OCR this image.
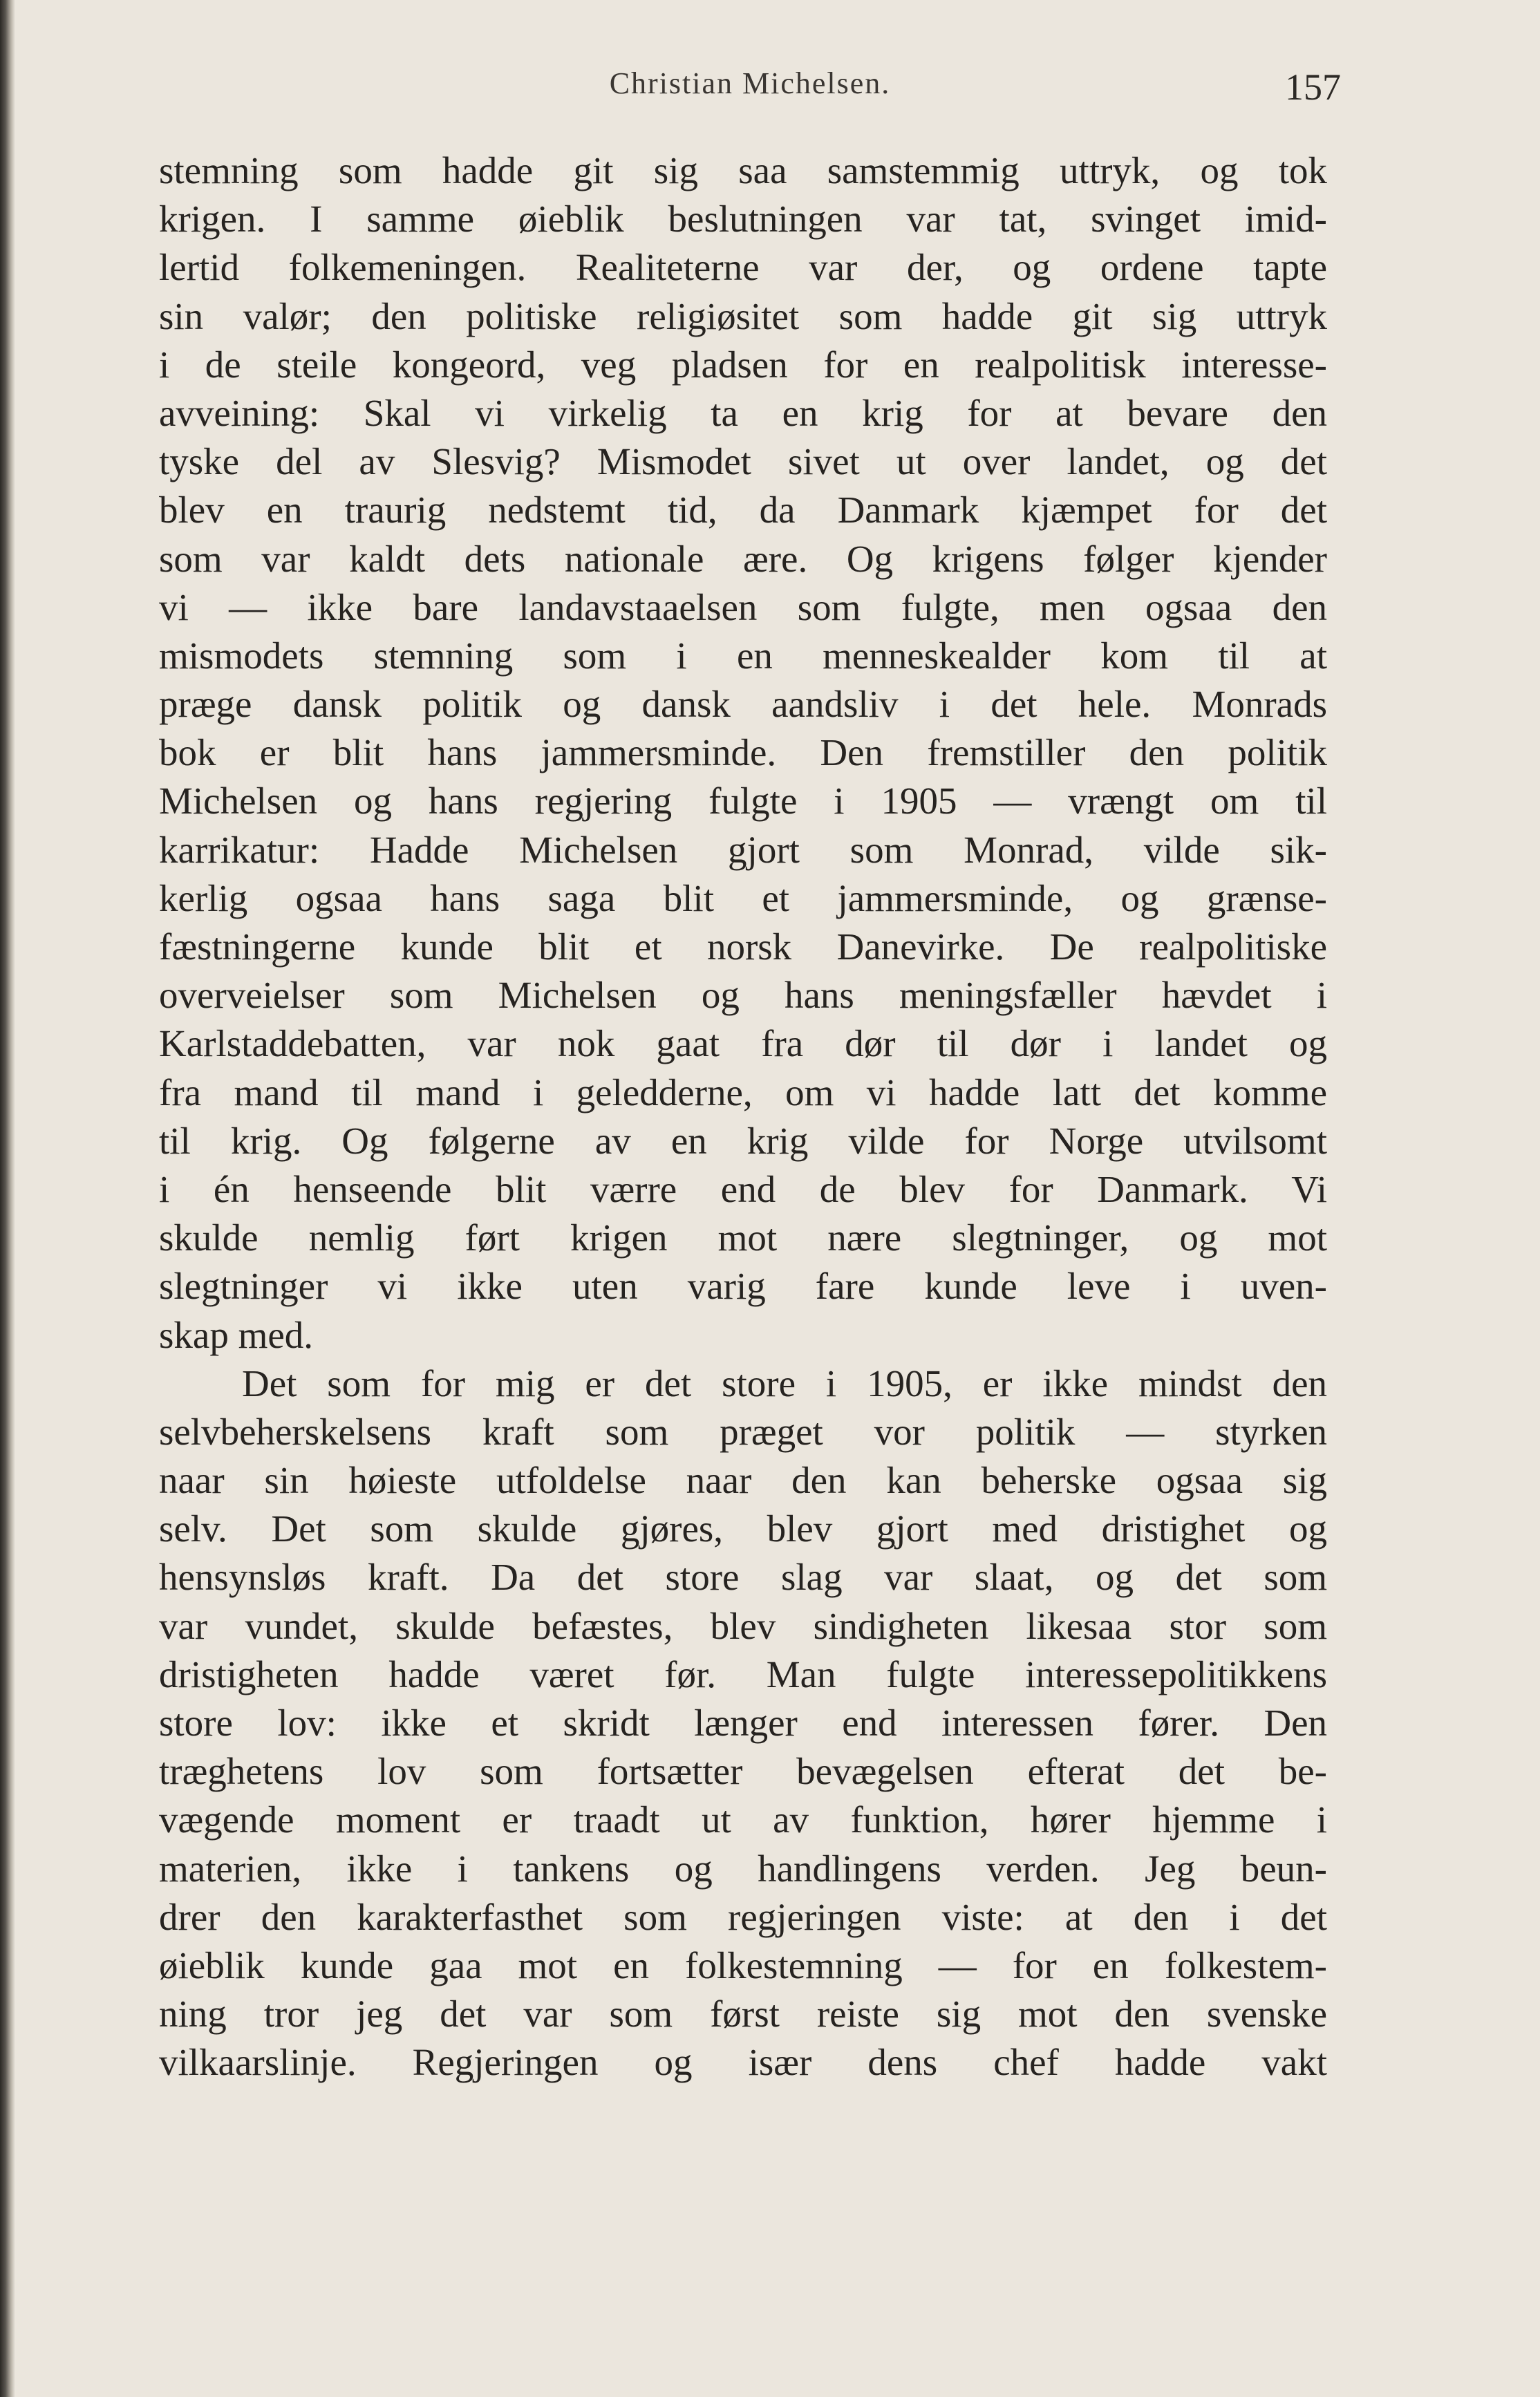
Christian Michelsen.	157
stemning som hadde git sig saa samstemmig uttryk, og tok
krigen. I samme øieblik beslutningen var tat, svinget imid-
lertid folkemeningen. Realiteterne var der, og ordene tapte
sin valør; den politiske religiøsitet som hadde git sig uttryk
i de steile kongeord, veg pladsen for en realpolitisk interesse-
avveining: Skal vi virkelig ta en krig for at bevare den
tyske del av Slesvig? Mismodet sivet ut over landet, og det
blev en traurig nedstemt tid, da Danmark kjæmpet for det
som var kaldt dets nationale ære. Og krigens følger kjender
vi — ikke bare landavstaaelsen som fulgte, men ogsaa den
mismodets stemning som i en menneskealder kom til at
præge dansk politik og dansk aandsliv i det hele. Monrads
bok er blit hans jammersminde. Den fremstiller den politik
Michelsen og hans regjering fulgte i 1905 — vrængt om til
karrikatur: Hadde Michelsen gjort som Monrad, vilde sik-
kerlig ogsaa hans saga blit et jammersminde, og grænse-
fæstningerne kunde blit et norsk Danevirke. De realpolitiske
overveielser som Michelsen og hans meningsfæller hævdet i
Karlstaddebatten, var nok gaat fra dør til dør i landet og
fra mand til mand i geledderne, om vi hadde latt det komme
til krig. Og følgerne av en krig vilde for Norge utvilsomt
i én henseende blit værre end de blev for Danmark. Vi
skulde nemlig ført krigen mot nære slegtninger, og mot
slegtninger vi ikke uten varig fare kunde leve i uven-
skap med.
Det som for mig er det store i 1905, er ikke mindst den
selvbeherskelsens kraft som præget vor politik — styrken
naar sin høieste utfoldelse naar den kan beherske ogsaa sig
selv. Det som skulde gjøres, blev gjort med dristighet og
hensynsløs kraft. Da det store slag var slaat, og det som
var vundet, skulde befæstes, blev sindigheten likesaa stor som
dristigheten hadde været før. Man fulgte interessepolitikkens
store lov: ikke et skridt længer end interessen fører. Den
træghetens lov som fortsætter bevægelsen efterat det be-
vægende moment er traadt ut av funktion, hører hjemme i
materien, ikke i tankens og handlingens verden. Jeg beun-
drer den karakterfasthet som regjeringen viste: at den i det
øieblik kunde gaa mot en folkestemning — for en folkestem-
ning tror jeg det var som først reiste sig mot den svenske
vilkaarslinje. Regjeringen og især dens chef hadde vakt
